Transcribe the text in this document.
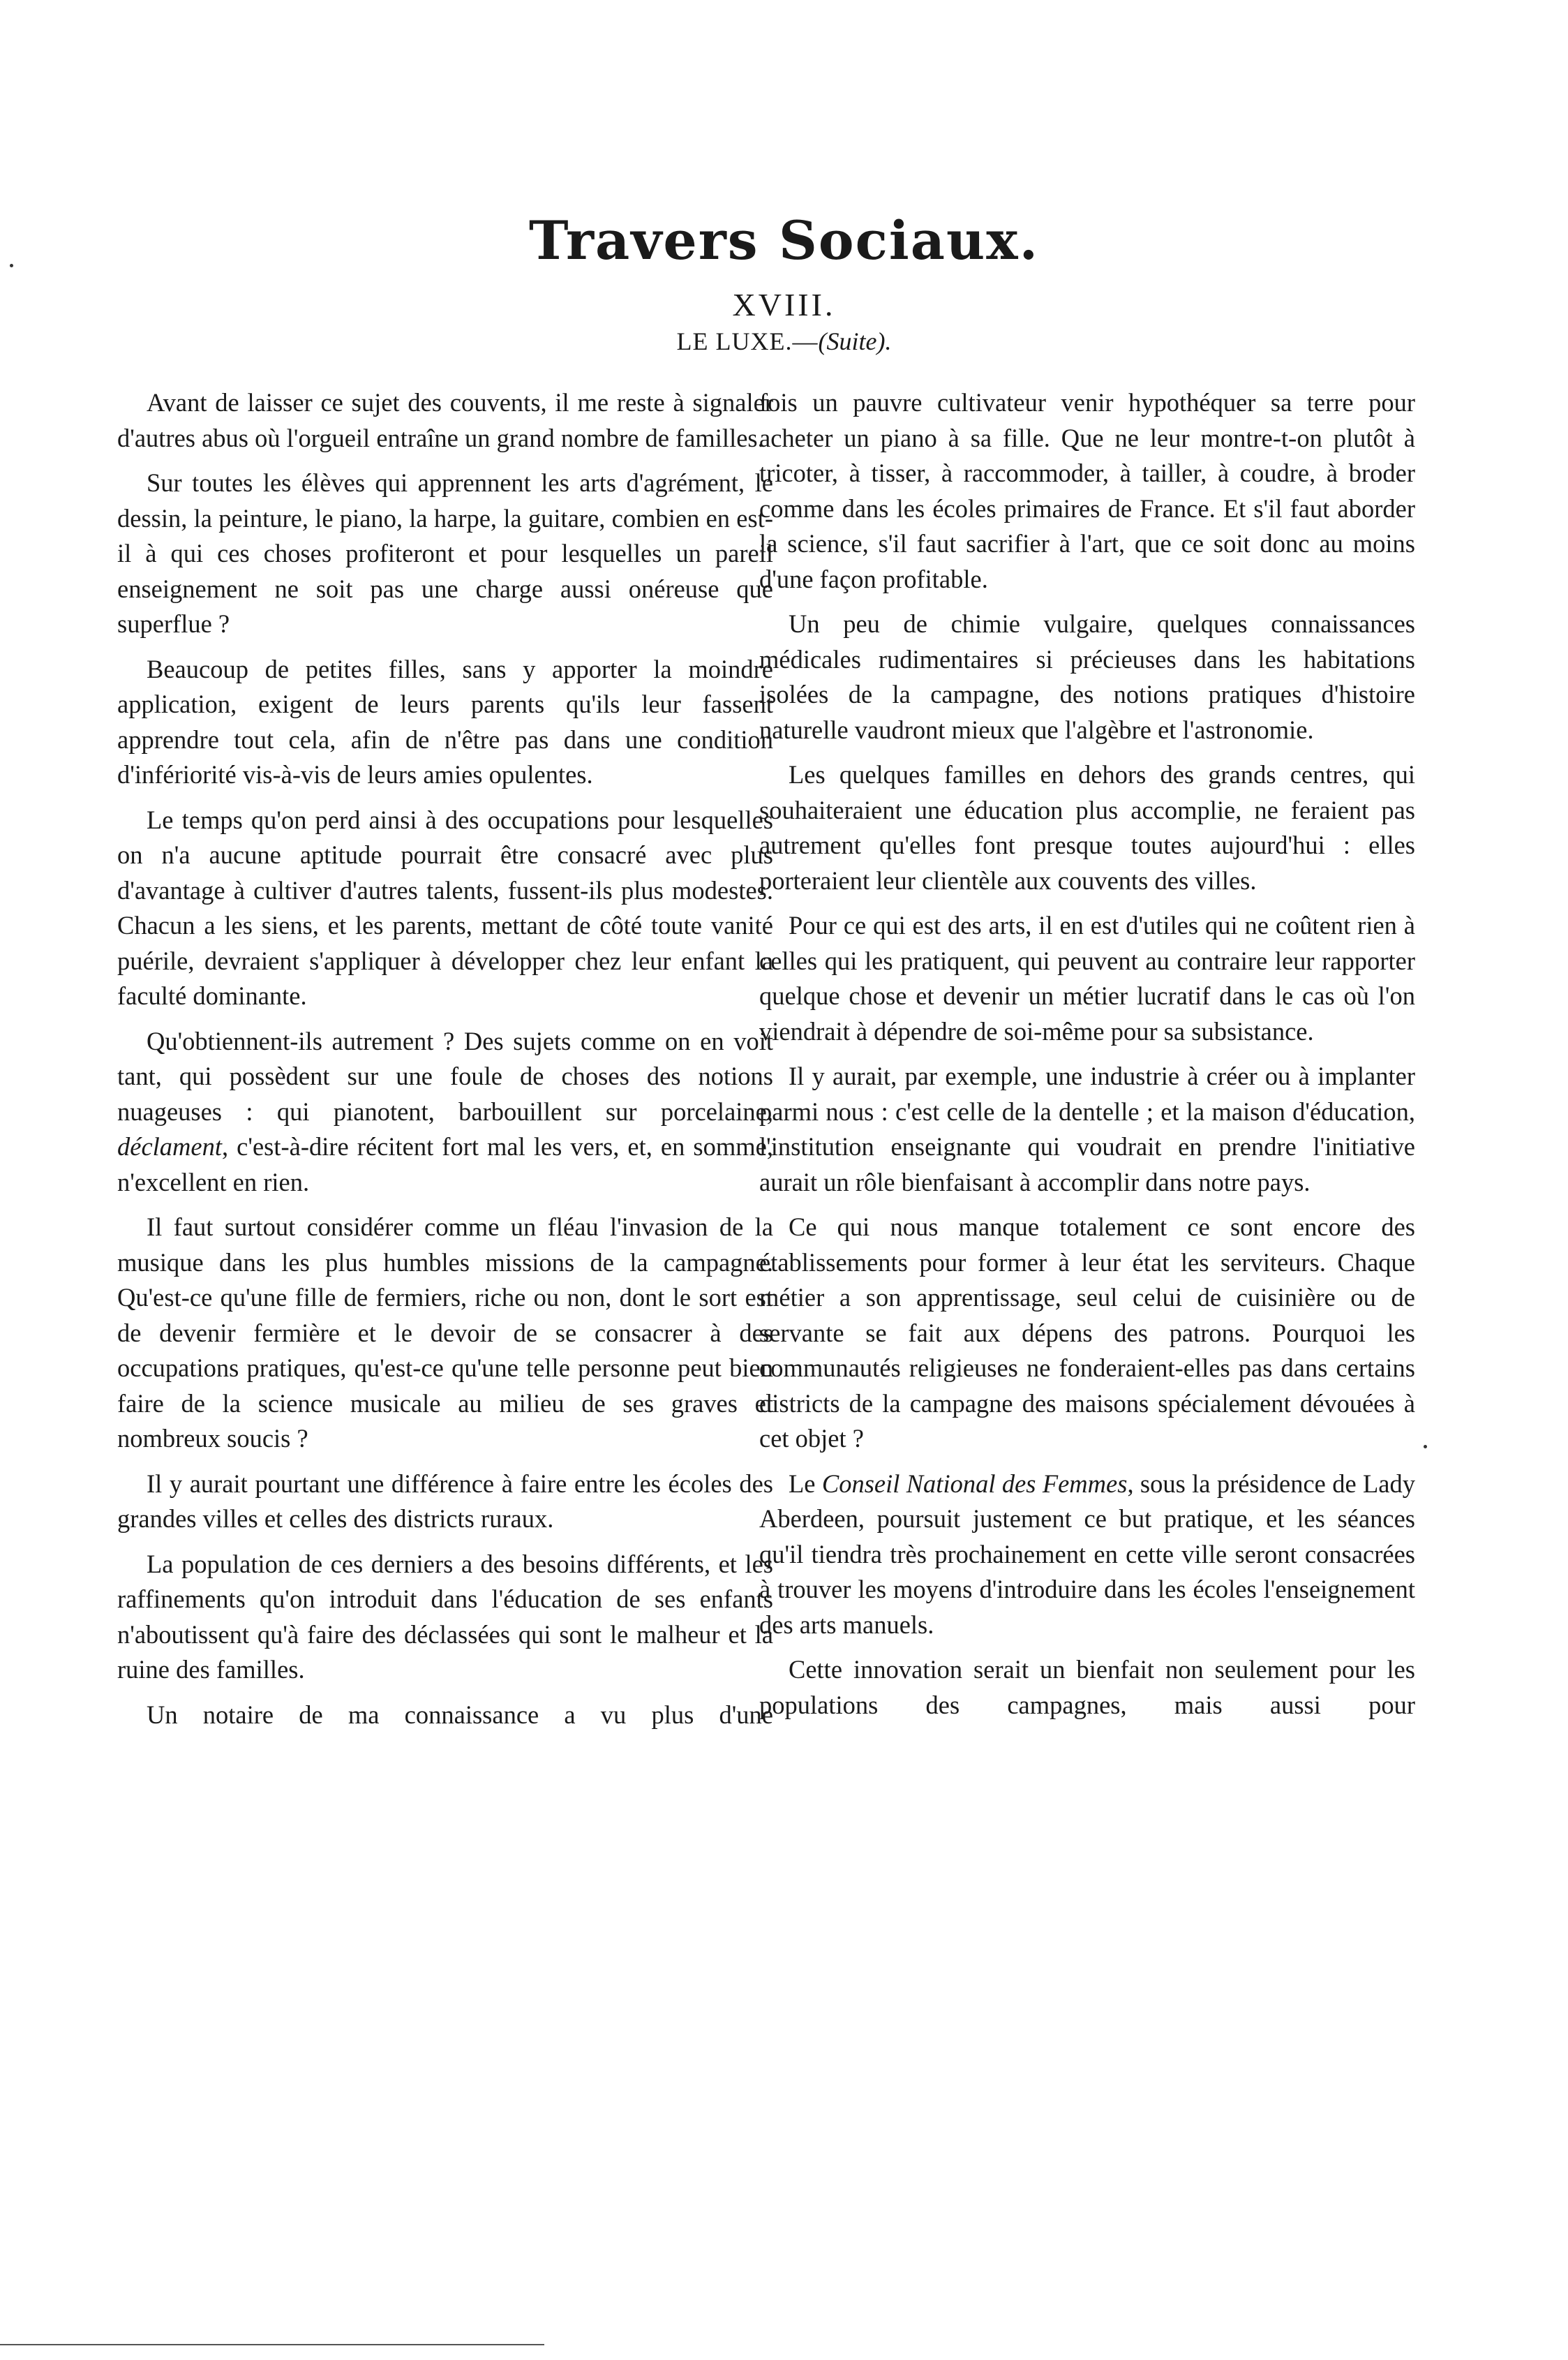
Travers Sociaux.
XVIII.
LE LUXE.—(Suite).

Avant de laisser ce sujet des couvents, il me reste à signaler d'autres abus où l'orgueil entraîne un grand nombre de familles.

Sur toutes les élèves qui apprennent les arts d'agrément, le dessin, la peinture, le piano, la harpe, la guitare, combien en est-il à qui ces choses profiteront et pour lesquelles un pareil enseignement ne soit pas une charge aussi onéreuse que superflue ?

Beaucoup de petites filles, sans y apporter la moindre application, exigent de leurs parents qu'ils leur fassent apprendre tout cela, afin de n'être pas dans une condition d'infériorité vis-à-vis de leurs amies opulentes.

Le temps qu'on perd ainsi à des occupations pour lesquelles on n'a aucune aptitude pourrait être consacré avec plus d'avantage à cultiver d'autres talents, fussent-ils plus modestes. Chacun a les siens, et les parents, mettant de côté toute vanité puérile, devraient s'appliquer à développer chez leur enfant la faculté dominante.

Qu'obtiennent-ils autrement ? Des sujets comme on en voit tant, qui possèdent sur une foule de choses des notions nuageuses : qui pianotent, barbouillent sur porcelaine, déclament, c'est-à-dire récitent fort mal les vers, et, en somme, n'excellent en rien.

Il faut surtout considérer comme un fléau l'invasion de la musique dans les plus humbles missions de la campagne. Qu'est-ce qu'une fille de fermiers, riche ou non, dont le sort est de devenir fermière et le devoir de se consacrer à des occupations pratiques, qu'est-ce qu'une telle personne peut bien faire de la science musicale au milieu de ses graves et nombreux soucis ?

Il y aurait pourtant une différence à faire entre les écoles des grandes villes et celles des districts ruraux.

La population de ces derniers a des besoins différents, et les raffinements qu'on introduit dans l'éducation de ses enfants n'aboutissent qu'à faire des déclassées qui sont le malheur et la ruine des familles.

Un notaire de ma connaissance a vu plus d'une

fois un pauvre cultivateur venir hypothéquer sa terre pour acheter un piano à sa fille. Que ne leur montre-t-on plutôt à tricoter, à tisser, à raccommoder, à tailler, à coudre, à broder comme dans les écoles primaires de France. Et s'il faut aborder la science, s'il faut sacrifier à l'art, que ce soit donc au moins d'une façon profitable.

Un peu de chimie vulgaire, quelques connaissances médicales rudimentaires si précieuses dans les habitations isolées de la campagne, des notions pratiques d'histoire naturelle vaudront mieux que l'algèbre et l'astronomie.

Les quelques familles en dehors des grands centres, qui souhaiteraient une éducation plus accomplie, ne feraient pas autrement qu'elles font presque toutes aujourd'hui : elles porteraient leur clientèle aux couvents des villes.

Pour ce qui est des arts, il en est d'utiles qui ne coûtent rien à celles qui les pratiquent, qui peuvent au contraire leur rapporter quelque chose et devenir un métier lucratif dans le cas où l'on viendrait à dépendre de soi-même pour sa subsistance.

Il y aurait, par exemple, une industrie à créer ou à implanter parmi nous : c'est celle de la dentelle ; et la maison d'éducation, l'institution enseignante qui voudrait en prendre l'initiative aurait un rôle bienfaisant à accomplir dans notre pays.

Ce qui nous manque totalement ce sont encore des établissements pour former à leur état les serviteurs. Chaque métier a son apprentissage, seul celui de cuisinière ou de servante se fait aux dépens des patrons. Pourquoi les communautés religieuses ne fonderaient-elles pas dans certains districts de la campagne des maisons spécialement dévouées à cet objet ?

Le Conseil National des Femmes, sous la présidence de Lady Aberdeen, poursuit justement ce but pratique, et les séances qu'il tiendra très prochainement en cette ville seront consacrées à trouver les moyens d'introduire dans les écoles l'enseignement des arts manuels.

Cette innovation serait un bienfait non seulement pour les populations des campagnes, mais aussi pour
